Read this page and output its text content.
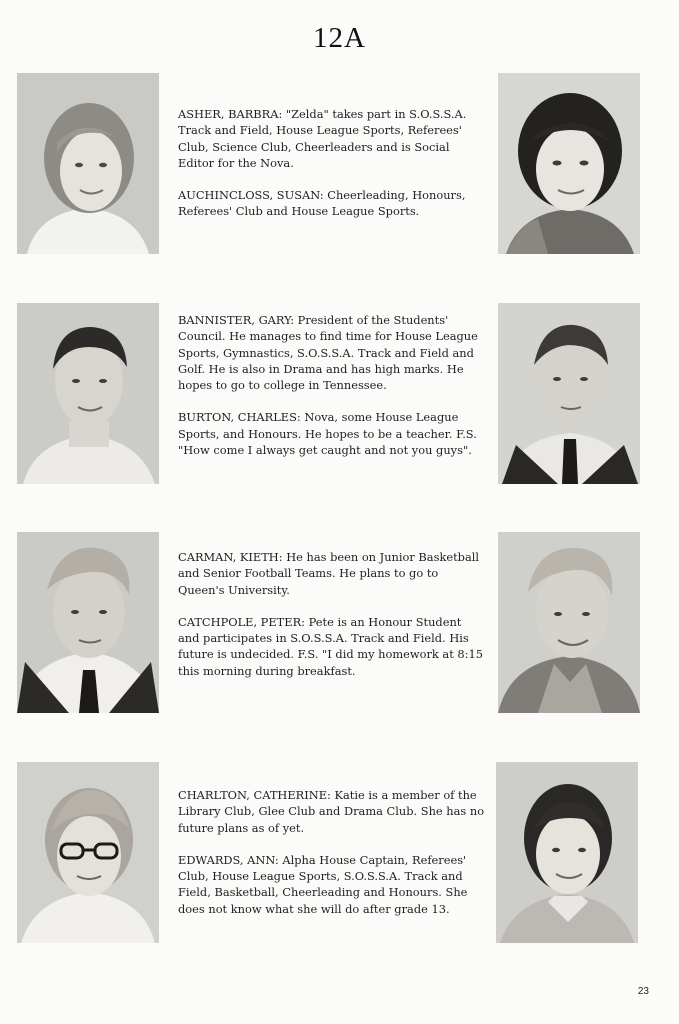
12A

ASHER, BARBRA: "Zelda" takes part in S.O.S.S.A. Track and Field, House League Sports, Referees' Club, Science Club, Cheerleaders and is Social Editor for the Nova.

AUCHINCLOSS, SUSAN: Cheerleading, Honours, Referees' Club and House League Sports.

BANNISTER, GARY: President of the Students' Council. He manages to find time for House League Sports, Gymnastics, S.O.S.S.A. Track and Field and Golf. He is also in Drama and has high marks. He hopes to go to college in Tennessee.

BURTON, CHARLES: Nova, some House League Sports, and Honours. He hopes to be a teacher. F.S. "How come I always get caught and not you guys".

CARMAN, KIETH: He has been on Junior Basketball and Senior Football Teams. He plans to go to Queen's University.

CATCHPOLE, PETER: Pete is an Honour Student and participates in S.O.S.S.A. Track and Field. His future is undecided. F.S. "I did my homework at 8:15 this morning during breakfast.

CHARLTON, CATHERINE: Katie is a member of the Library Club, Glee Club and Drama Club. She has no future plans as of yet.

EDWARDS, ANN: Alpha House Captain, Referees' Club, House League Sports, S.O.S.S.A. Track and Field, Basketball, Cheerleading and Honours. She does not know what she will do after grade 13.

23
